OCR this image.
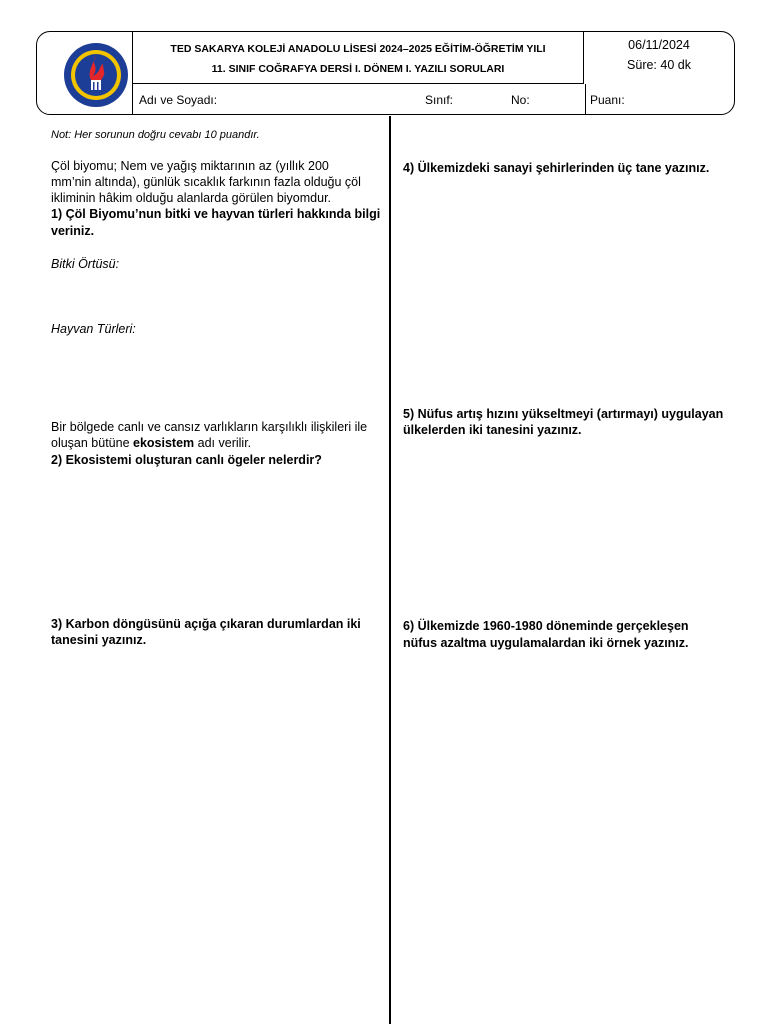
TED SAKARYA KOLEJİ ANADOLU LİSESİ 2024–2025 EĞİTİM-ÖĞRETİM YILI
11. SINIF COĞRAFYA DERSİ I. DÖNEM I. YAZILI SORULARI
06/11/2024
Süre: 40 dk
Adı ve Soyadı:	Sınıf:	No:	Puanı:
Not: Her sorunun doğru cevabı 10 puandır.
Çöl biyomu; Nem ve yağış miktarının az (yıllık 200
mm’nin altında), günlük sıcaklık farkının fazla olduğu çöl
ikliminin hâkim olduğu alanlarda görülen biyomdur.
1) Çöl Biyomu’nun bitki ve hayvan türleri hakkında bilgi
veriniz.
Bitki Örtüsü:
Hayvan Türleri:
Bir bölgede canlı ve cansız varlıkların karşılıklı ilişkileri ile
oluşan bütüne ekosistem adı verilir.
2) Ekosistemi oluşturan canlı ögeler nelerdir?
3) Karbon döngüsünü açığa çıkaran durumlardan iki
tanesini yazınız.
4) Ülkemizdeki sanayi şehirlerinden üç tane yazınız.
5) Nüfus artış hızını yükseltmeyi (artırmayı) uygulayan
ülkelerden iki tanesini yazınız.
6) Ülkemizde 1960-1980 döneminde gerçekleşen
nüfus azaltma uygulamalardan iki örnek yazınız.
